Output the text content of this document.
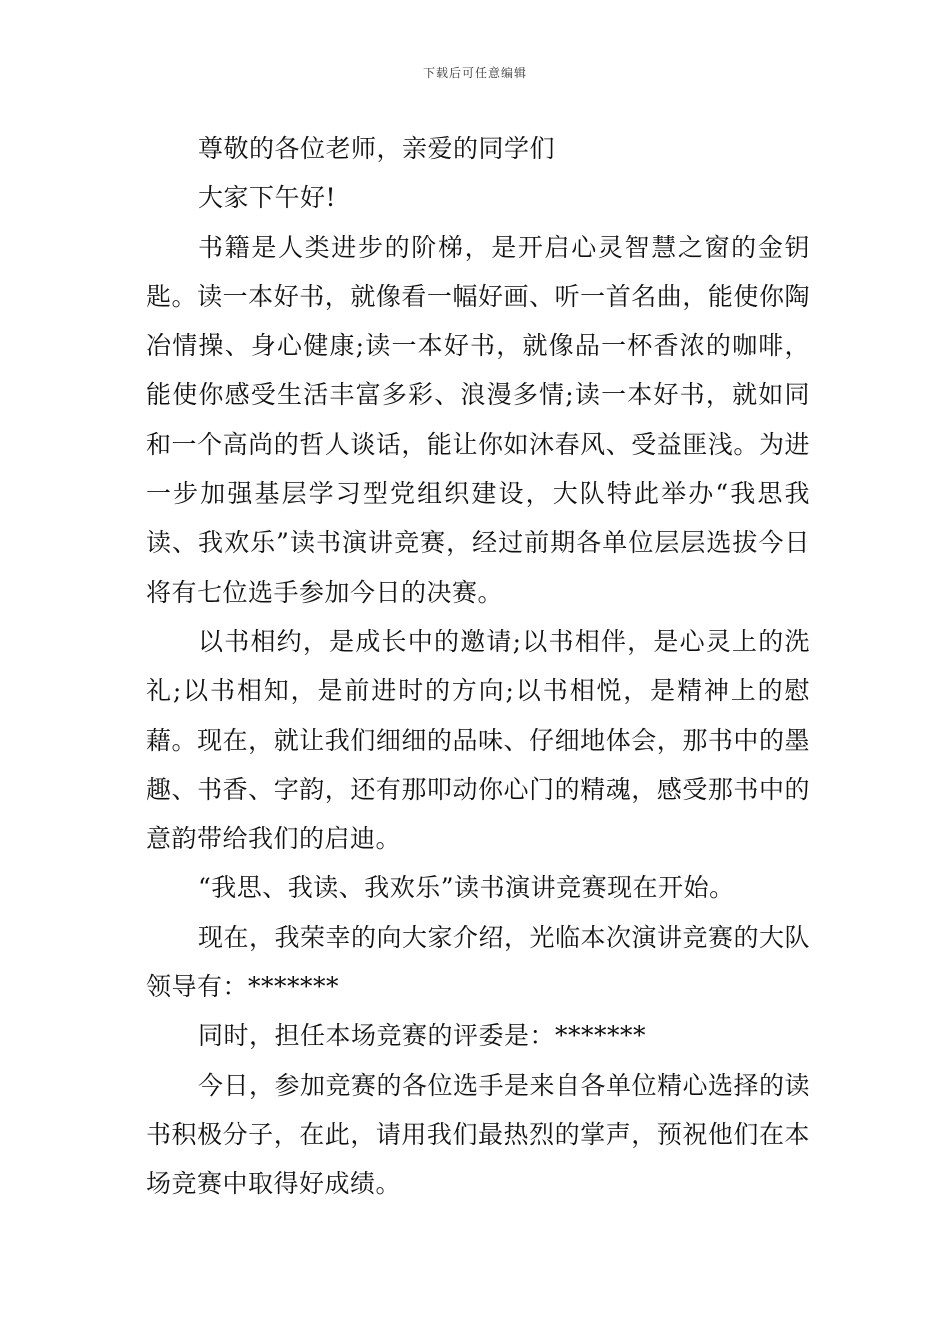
下载后可任意编辑

尊敬的各位老师，亲爱的同学们

大家下午好!

书籍是人类进步的阶梯，是开启心灵智慧之窗的金钥匙。读一本好书，就像看一幅好画、听一首名曲，能使你陶冶情操、身心健康;读一本好书，就像品一杯香浓的咖啡，能使你感受生活丰富多彩、浪漫多情;读一本好书，就如同和一个高尚的哲人谈话，能让你如沐春风、受益匪浅。为进一步加强基层学习型党组织建设，大队特此举办“我思我读、我欢乐”读书演讲竞赛，经过前期各单位层层选拔今日将有七位选手参加今日的决赛。

以书相约，是成长中的邀请;以书相伴，是心灵上的洗礼;以书相知，是前进时的方向;以书相悦，是精神上的慰藉。现在，就让我们细细的品味、仔细地体会，那书中的墨趣、书香、字韵，还有那叩动你心门的精魂，感受那书中的意韵带给我们的启迪。

“我思、我读、我欢乐”读书演讲竞赛现在开始。

现在，我荣幸的向大家介绍，光临本次演讲竞赛的大队领导有：*******

同时，担任本场竞赛的评委是：*******

今日，参加竞赛的各位选手是来自各单位精心选择的读书积极分子，在此，请用我们最热烈的掌声，预祝他们在本场竞赛中取得好成绩。
